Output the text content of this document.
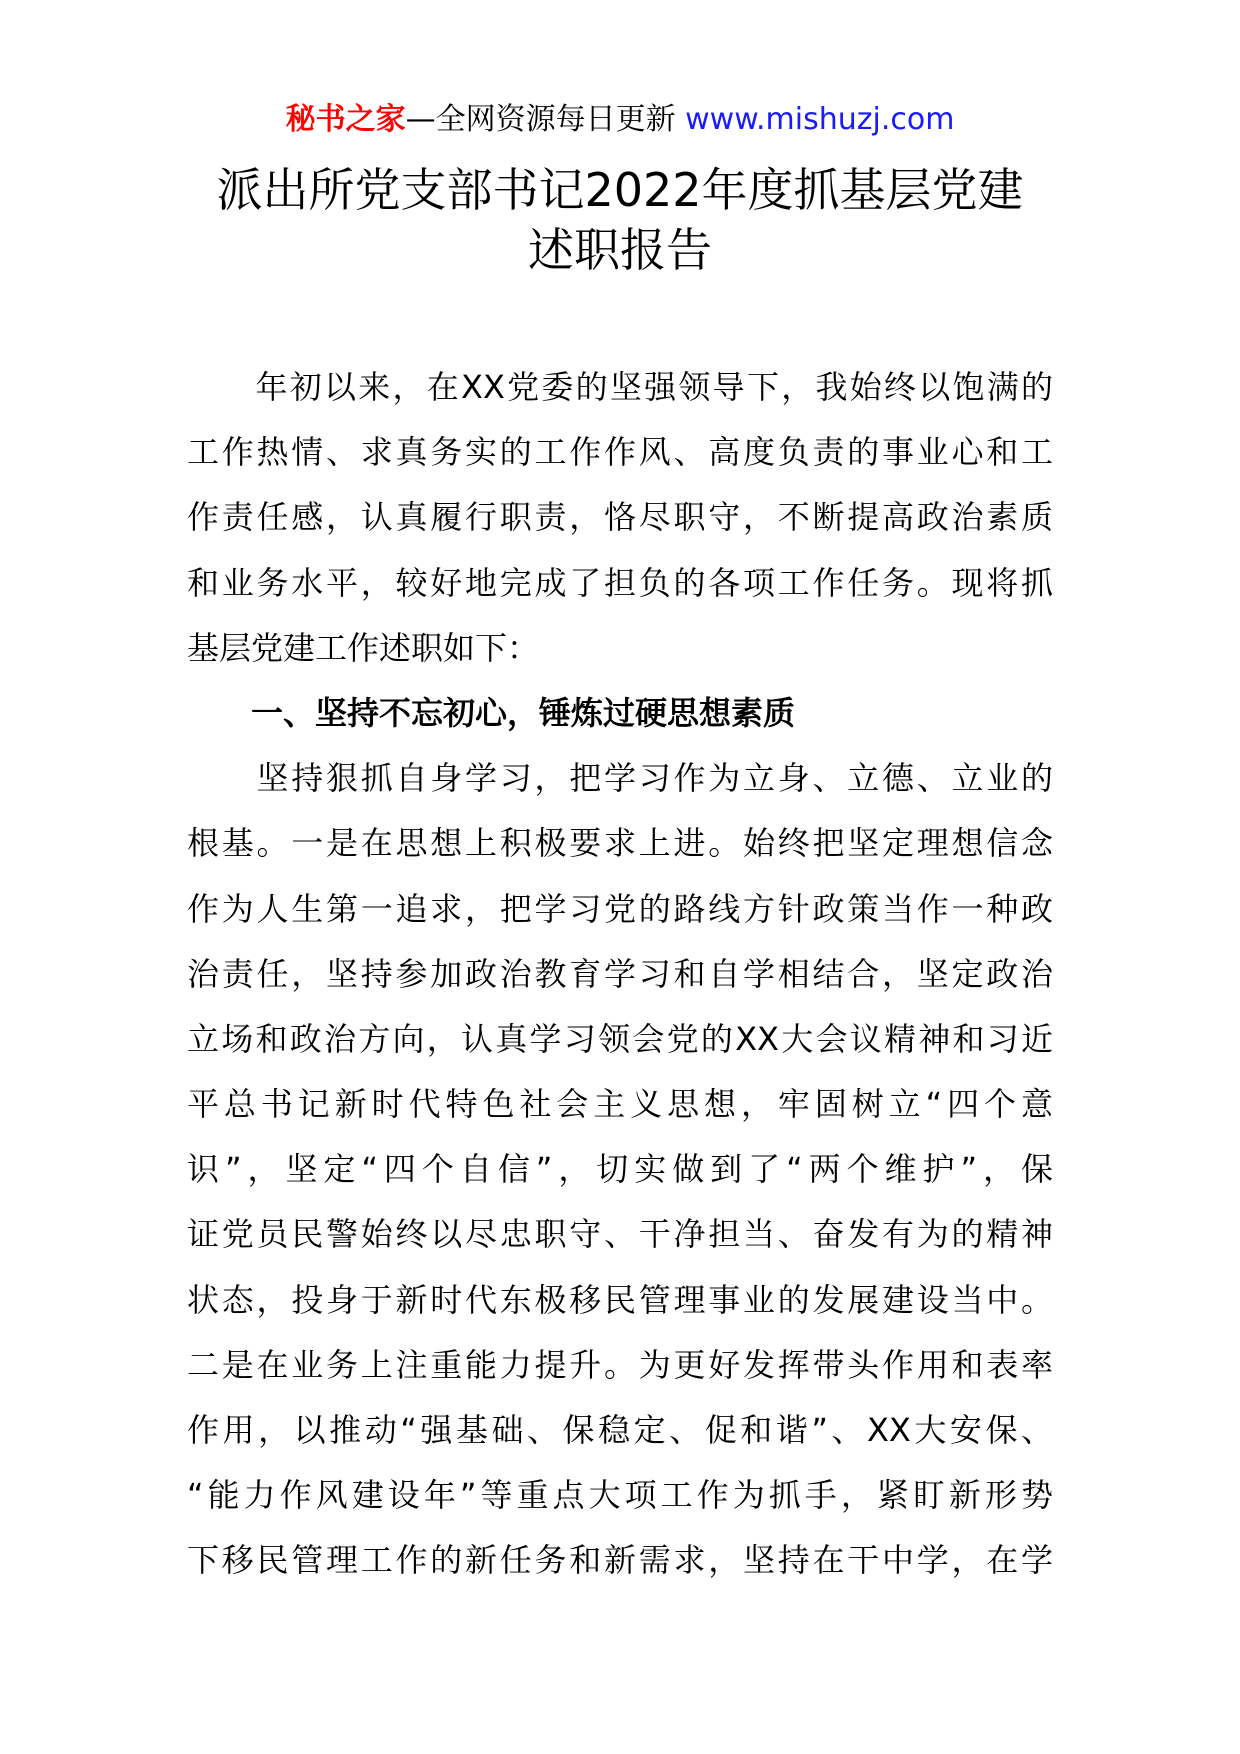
秘书之家—全网资源每日更新 www.mishuzj.com
派出所党支部书记2022年度抓基层党建
述职报告
　　年初以来，在XX党委的坚强领导下，我始终以饱满的
工作热情、求真务实的工作作风、高度负责的事业心和工
作责任感，认真履行职责，恪尽职守，不断提高政治素质
和业务水平，较好地完成了担负的各项工作任务。现将抓
基层党建工作述职如下：
　　一、坚持不忘初心，锤炼过硬思想素质
　　坚持狠抓自身学习，把学习作为立身、立德、立业的
根基。一是在思想上积极要求上进。始终把坚定理想信念
作为人生第一追求，把学习党的路线方针政策当作一种政
治责任，坚持参加政治教育学习和自学相结合，坚定政治
立场和政治方向，认真学习领会党的XX大会议精神和习近
平总书记新时代特色社会主义思想，牢固树立“四个意
识”，坚定“四个自信”，切实做到了“两个维护”，保
证党员民警始终以尽忠职守、干净担当、奋发有为的精神
状态，投身于新时代东极移民管理事业的发展建设当中。
二是在业务上注重能力提升。为更好发挥带头作用和表率
作用，以推动“强基础、保稳定、促和谐”、XX大安保、
“能力作风建设年”等重点大项工作为抓手，紧盯新形势
下移民管理工作的新任务和新需求，坚持在干中学，在学
